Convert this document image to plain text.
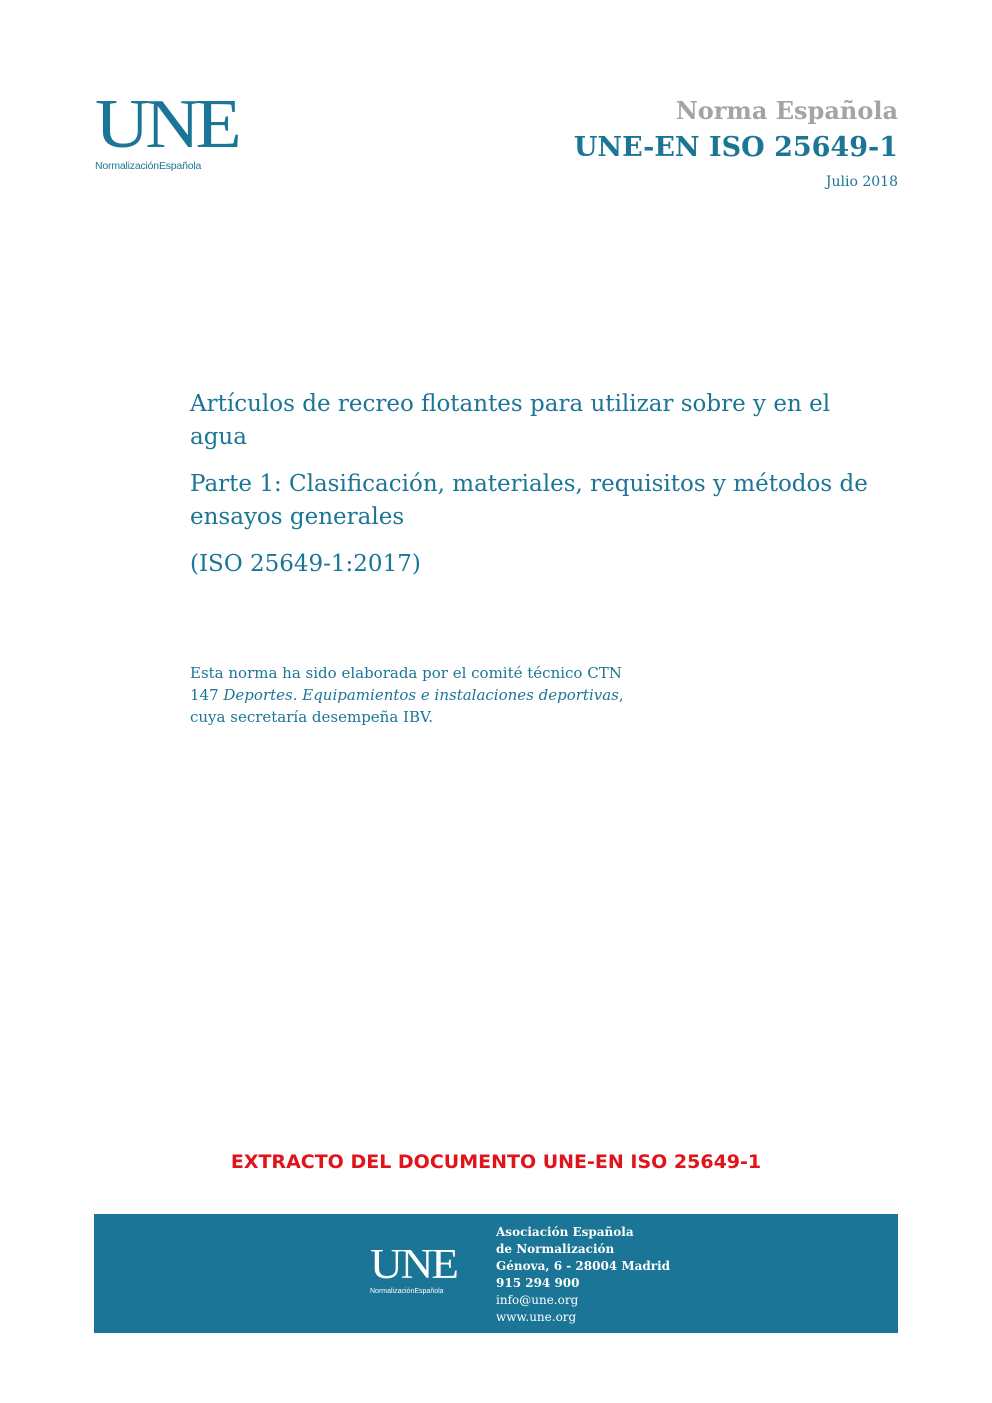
UNE
NormalizaciónEspañola
Norma Española
UNE-EN ISO 25649-1
Julio 2018

Artículos de recreo flotantes para utilizar sobre y en el agua

Parte 1: Clasificación, materiales, requisitos y métodos de ensayos generales

(ISO 25649-1:2017)

Esta norma ha sido elaborada por el comité técnico CTN 147 Deportes. Equipamientos e instalaciones deportivas, cuya secretaría desempeña IBV.
EXTRACTO DEL DOCUMENTO UNE-EN ISO 25649-1
UNE
NormalizaciónEspañola
Asociación Española
de Normalización
Génova, 6 - 28004 Madrid
915 294 900
info@une.org
www.une.org
